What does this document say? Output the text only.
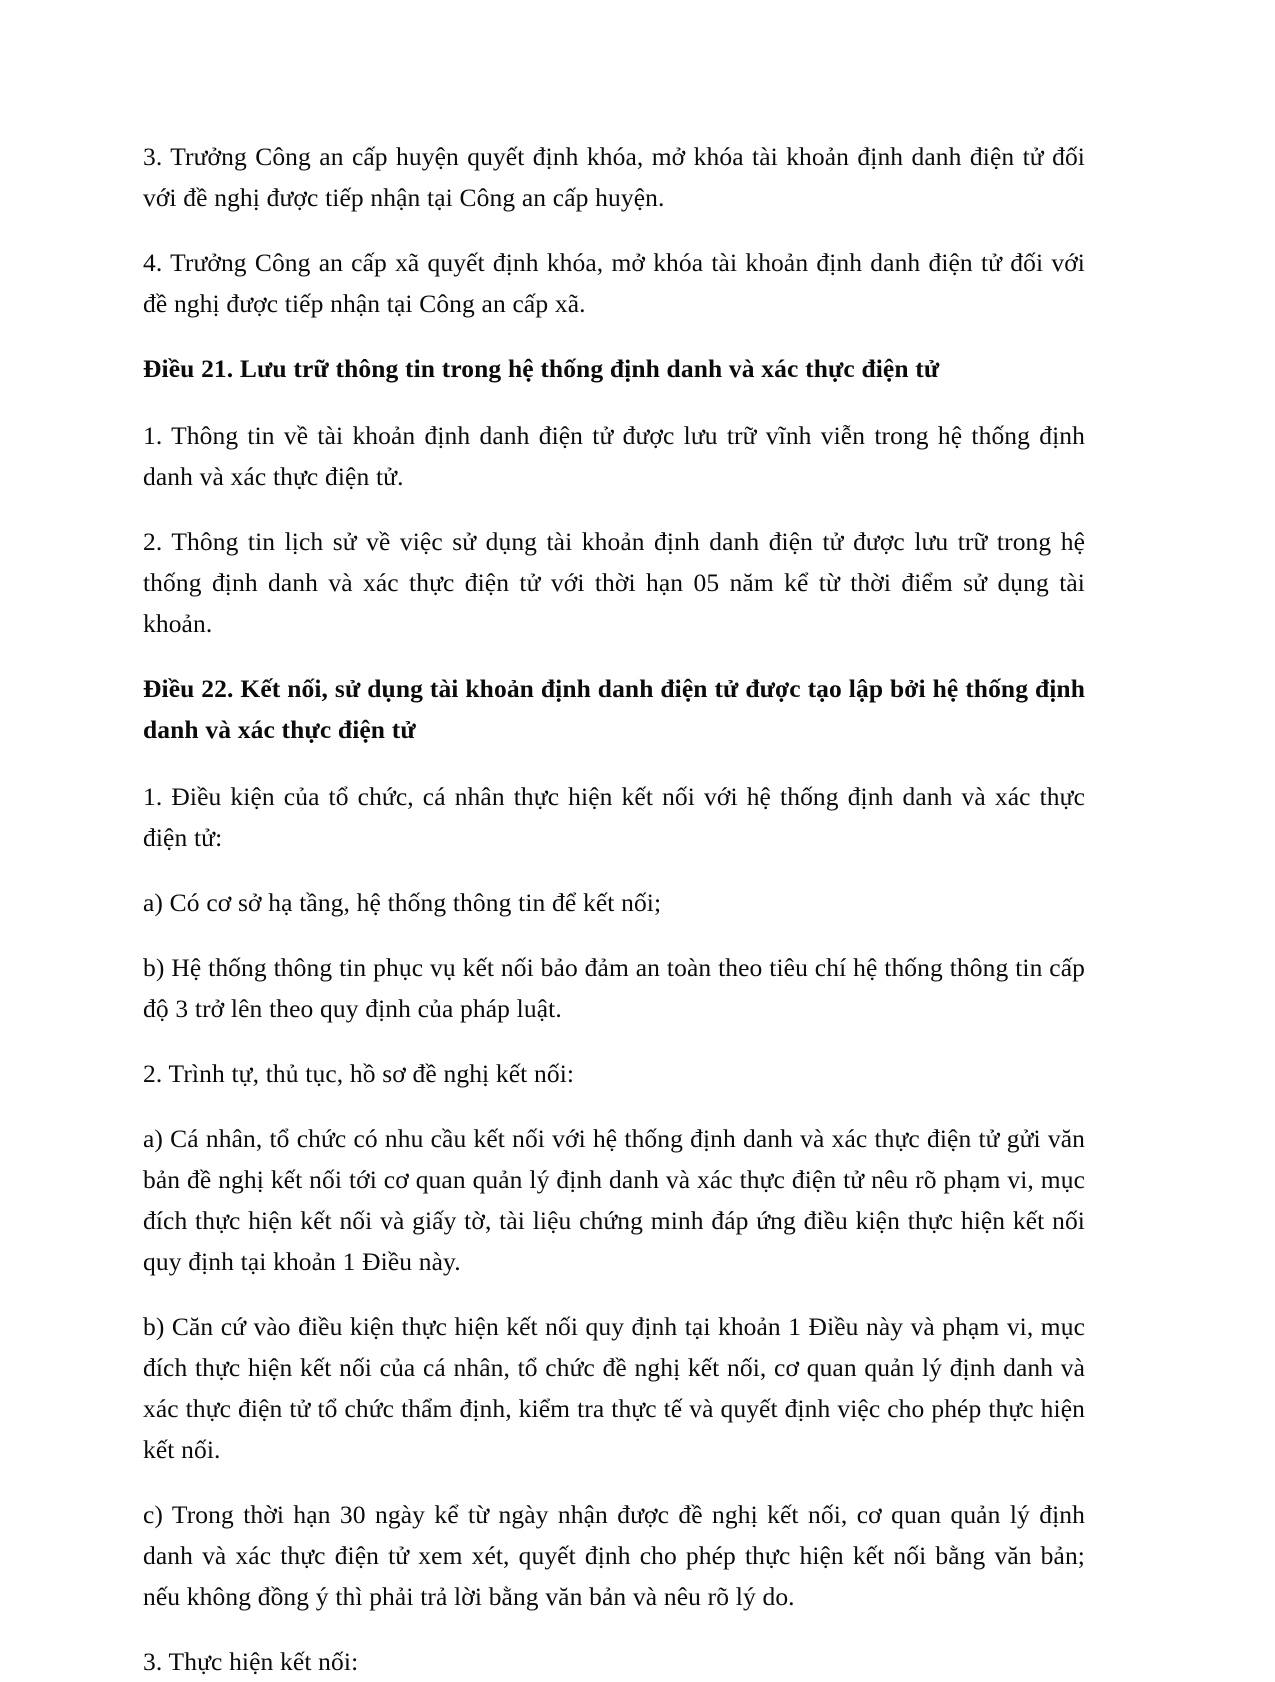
3. Trưởng Công an cấp huyện quyết định khóa, mở khóa tài khoản định danh điện tử đối với đề nghị được tiếp nhận tại Công an cấp huyện.

4. Trưởng Công an cấp xã quyết định khóa, mở khóa tài khoản định danh điện tử đối với đề nghị được tiếp nhận tại Công an cấp xã.

Điều 21. Lưu trữ thông tin trong hệ thống định danh và xác thực điện tử

1. Thông tin về tài khoản định danh điện tử được lưu trữ vĩnh viễn trong hệ thống định danh và xác thực điện tử.

2. Thông tin lịch sử về việc sử dụng tài khoản định danh điện tử được lưu trữ trong hệ thống định danh và xác thực điện tử với thời hạn 05 năm kể từ thời điểm sử dụng tài khoản.

Điều 22. Kết nối, sử dụng tài khoản định danh điện tử được tạo lập bởi hệ thống định danh và xác thực điện tử

1. Điều kiện của tổ chức, cá nhân thực hiện kết nối với hệ thống định danh và xác thực điện tử:

a) Có cơ sở hạ tầng, hệ thống thông tin để kết nối;

b) Hệ thống thông tin phục vụ kết nối bảo đảm an toàn theo tiêu chí hệ thống thông tin cấp độ 3 trở lên theo quy định của pháp luật.

2. Trình tự, thủ tục, hồ sơ đề nghị kết nối:

a) Cá nhân, tổ chức có nhu cầu kết nối với hệ thống định danh và xác thực điện tử gửi văn bản đề nghị kết nối tới cơ quan quản lý định danh và xác thực điện tử nêu rõ phạm vi, mục đích thực hiện kết nối và giấy tờ, tài liệu chứng minh đáp ứng điều kiện thực hiện kết nối quy định tại khoản 1 Điều này.

b) Căn cứ vào điều kiện thực hiện kết nối quy định tại khoản 1 Điều này và phạm vi, mục đích thực hiện kết nối của cá nhân, tổ chức đề nghị kết nối, cơ quan quản lý định danh và xác thực điện tử tổ chức thẩm định, kiểm tra thực tế và quyết định việc cho phép thực hiện kết nối.

c) Trong thời hạn 30 ngày kể từ ngày nhận được đề nghị kết nối, cơ quan quản lý định danh và xác thực điện tử xem xét, quyết định cho phép thực hiện kết nối bằng văn bản; nếu không đồng ý thì phải trả lời bằng văn bản và nêu rõ lý do.

3. Thực hiện kết nối:
